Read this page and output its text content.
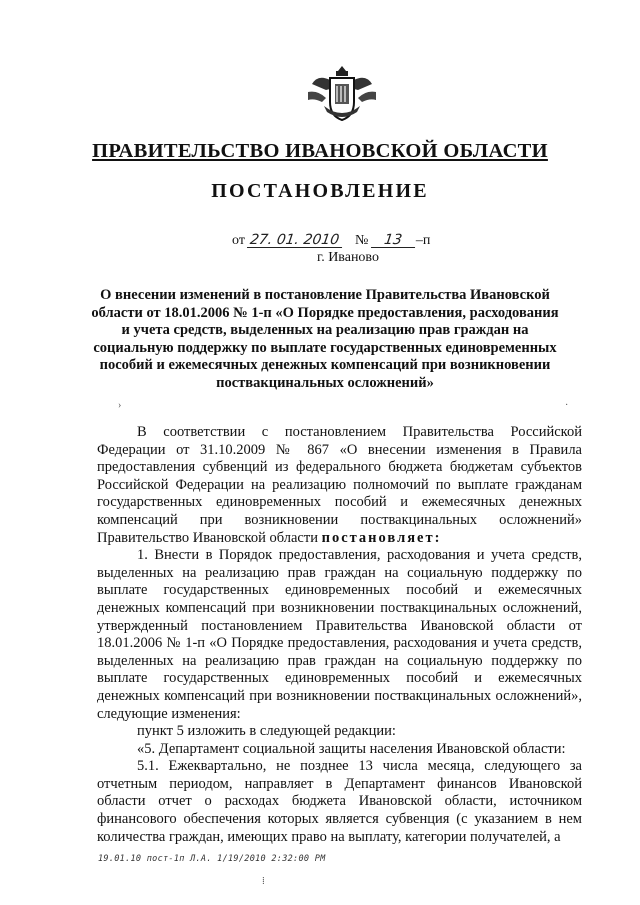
ПРАВИТЕЛЬСТВО ИВАНОВСКОЙ ОБЛАСТИ
ПОСТАНОВЛЕНИЕ
от 27. 01. 2010 № 13 –п
г. Иваново
О внесении изменений в постановление Правительства Ивановской области от 18.01.2006 № 1-п «О Порядке предоставления, расходования и учета средств, выделенных на реализацию прав граждан на социальную поддержку по выплате государственных единовременных пособий и ежемесячных денежных компенсаций при возникновении поствакцинальных осложнений»
›	·

В соответствии с постановлением Правительства Российской Федерации от 31.10.2009 № 867 «О внесении изменения в Правила предоставления субвенций из федерального бюджета бюджетам субъектов Российской Федерации на реализацию полномочий по выплате гражданам государственных единовременных пособий и ежемесячных денежных компенсаций при возникновении поствакцинальных осложнений» Правительство Ивановской области постановляет:

1. Внести в Порядок предоставления, расходования и учета средств, выделенных на реализацию прав граждан на социальную поддержку по выплате государственных единовременных пособий и ежемесячных денежных компенсаций при возникновении поствакцинальных осложнений, утвержденный постановлением Правительства Ивановской области от 18.01.2006 № 1-п «О Порядке предоставления, расходования и учета средств, выделенных на реализацию прав граждан на социальную поддержку по выплате государственных единовременных пособий и ежемесячных денежных компенсаций при возникновении поствакцинальных осложнений», следующие изменения:

пункт 5 изложить в следующей редакции:

«5. Департамент социальной защиты населения Ивановской области:

5.1. Ежеквартально, не позднее 13 числа месяца, следующего за отчетным периодом, направляет в Департамент финансов Ивановской области отчет о расходах бюджета Ивановской области, источником финансового обеспечения которых является субвенция (с указанием в нем количества граждан, имеющих право на выплату, категории получателей, а

19.01.10 пост-1п Л.А. 1/19/2010 2:32:00 PM
⁞
